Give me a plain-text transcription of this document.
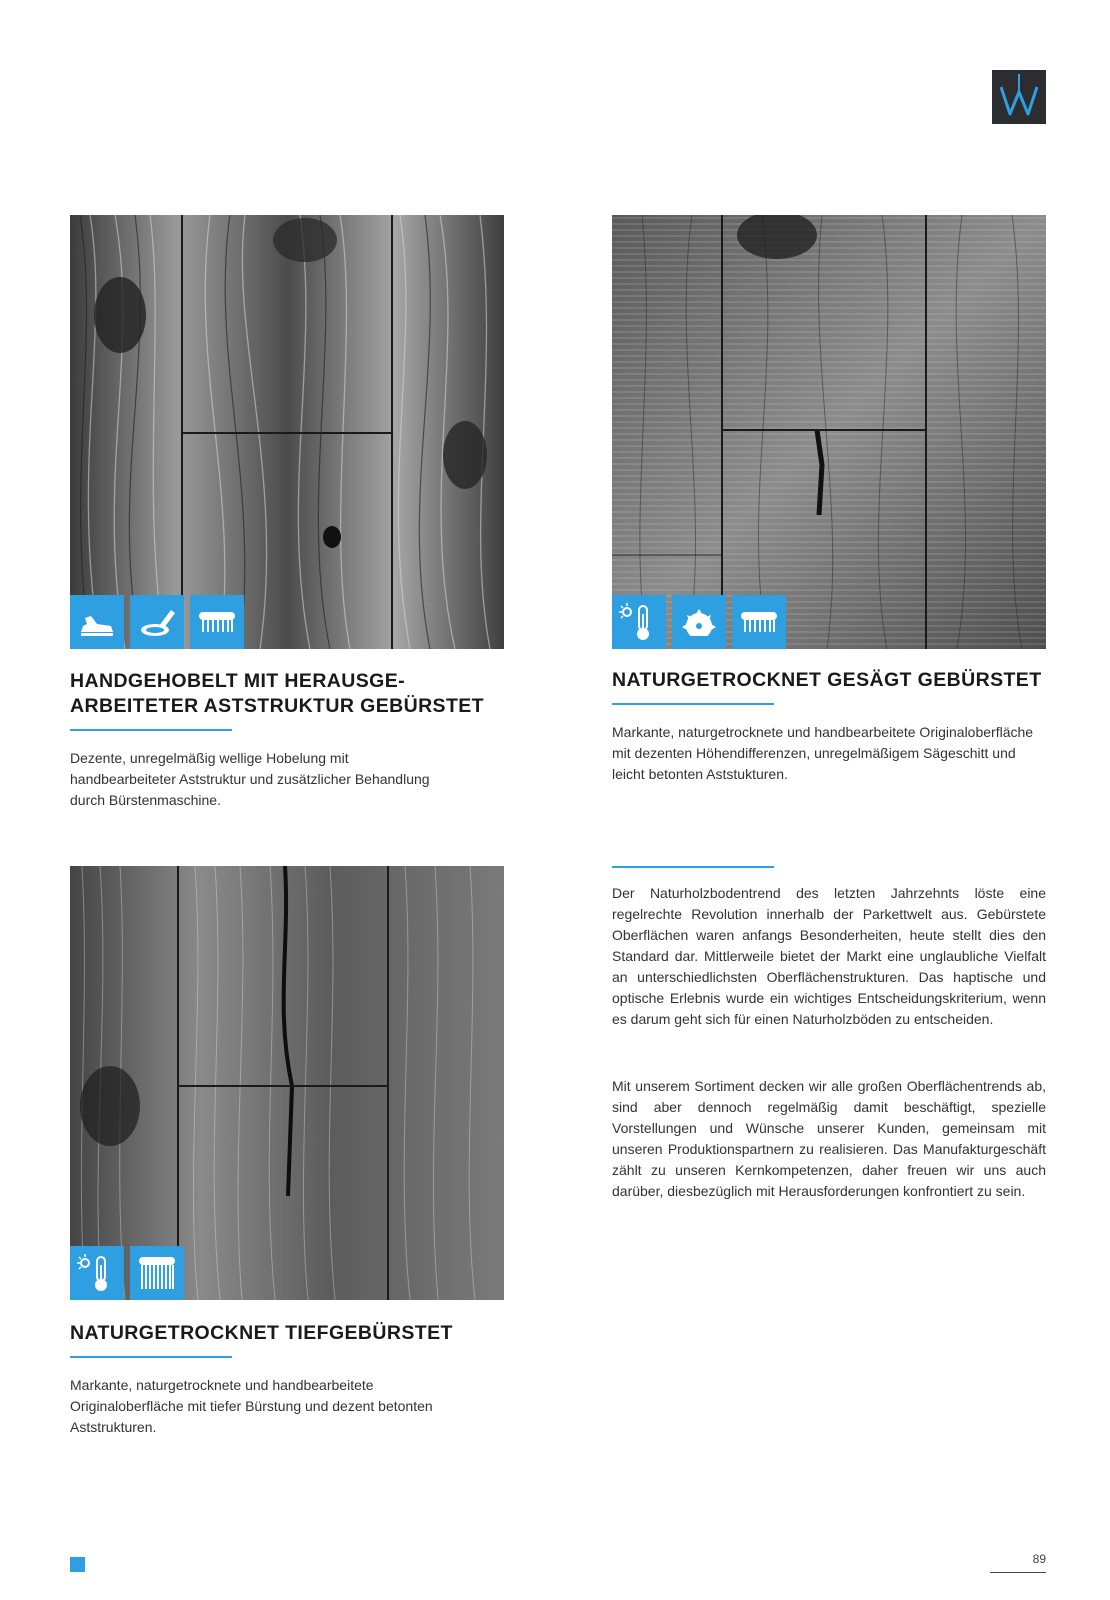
HANDGEHOBELT MIT HERAUSGE-
ARBEITETER ASTSTRUKTUR GEBÜRSTET

Dezente, unregelmäßig wellige Hobelung mit handbearbeiteter Aststruktur und zusätzlicher Behandlung durch Bürstenmaschine.

NATURGETROCKNET GESÄGT GEBÜRSTET

Markante, naturgetrocknete und handbearbeitete Originaloberfläche mit dezenten Höhendifferenzen, unregelmäßigem Sägeschitt und leicht betonten Aststukturen.

Der Naturholzbodentrend des letzten Jahrzehnts löste eine regelrechte Revolution innerhalb der Parkettwelt aus. Gebürstete Oberflächen waren anfangs Besonderheiten, heute stellt dies den Standard dar. Mittlerweile bietet der Markt eine unglaubliche Vielfalt an unterschiedlichsten Oberflächenstrukturen. Das haptische und optische Erlebnis wurde ein wichtiges Entscheidungskriterium, wenn es darum geht sich für einen Naturholzböden zu entscheiden.

Mit unserem Sortiment decken wir alle großen Oberflächentrends ab, sind aber dennoch regelmäßig damit beschäftigt, spezielle Vorstellungen und Wünsche unserer Kunden, gemeinsam mit unseren Produktionspartnern zu realisieren. Das Manufakturgeschäft zählt zu unseren Kernkompetenzen, daher freuen wir uns auch darüber, diesbezüglich mit Herausforderungen konfrontiert zu sein.

NATURGETROCKNET TIEFGEBÜRSTET

Markante, naturgetrocknete und handbearbeitete Originaloberfläche mit tiefer Bürstung und dezent betonten Aststrukturen.

89
